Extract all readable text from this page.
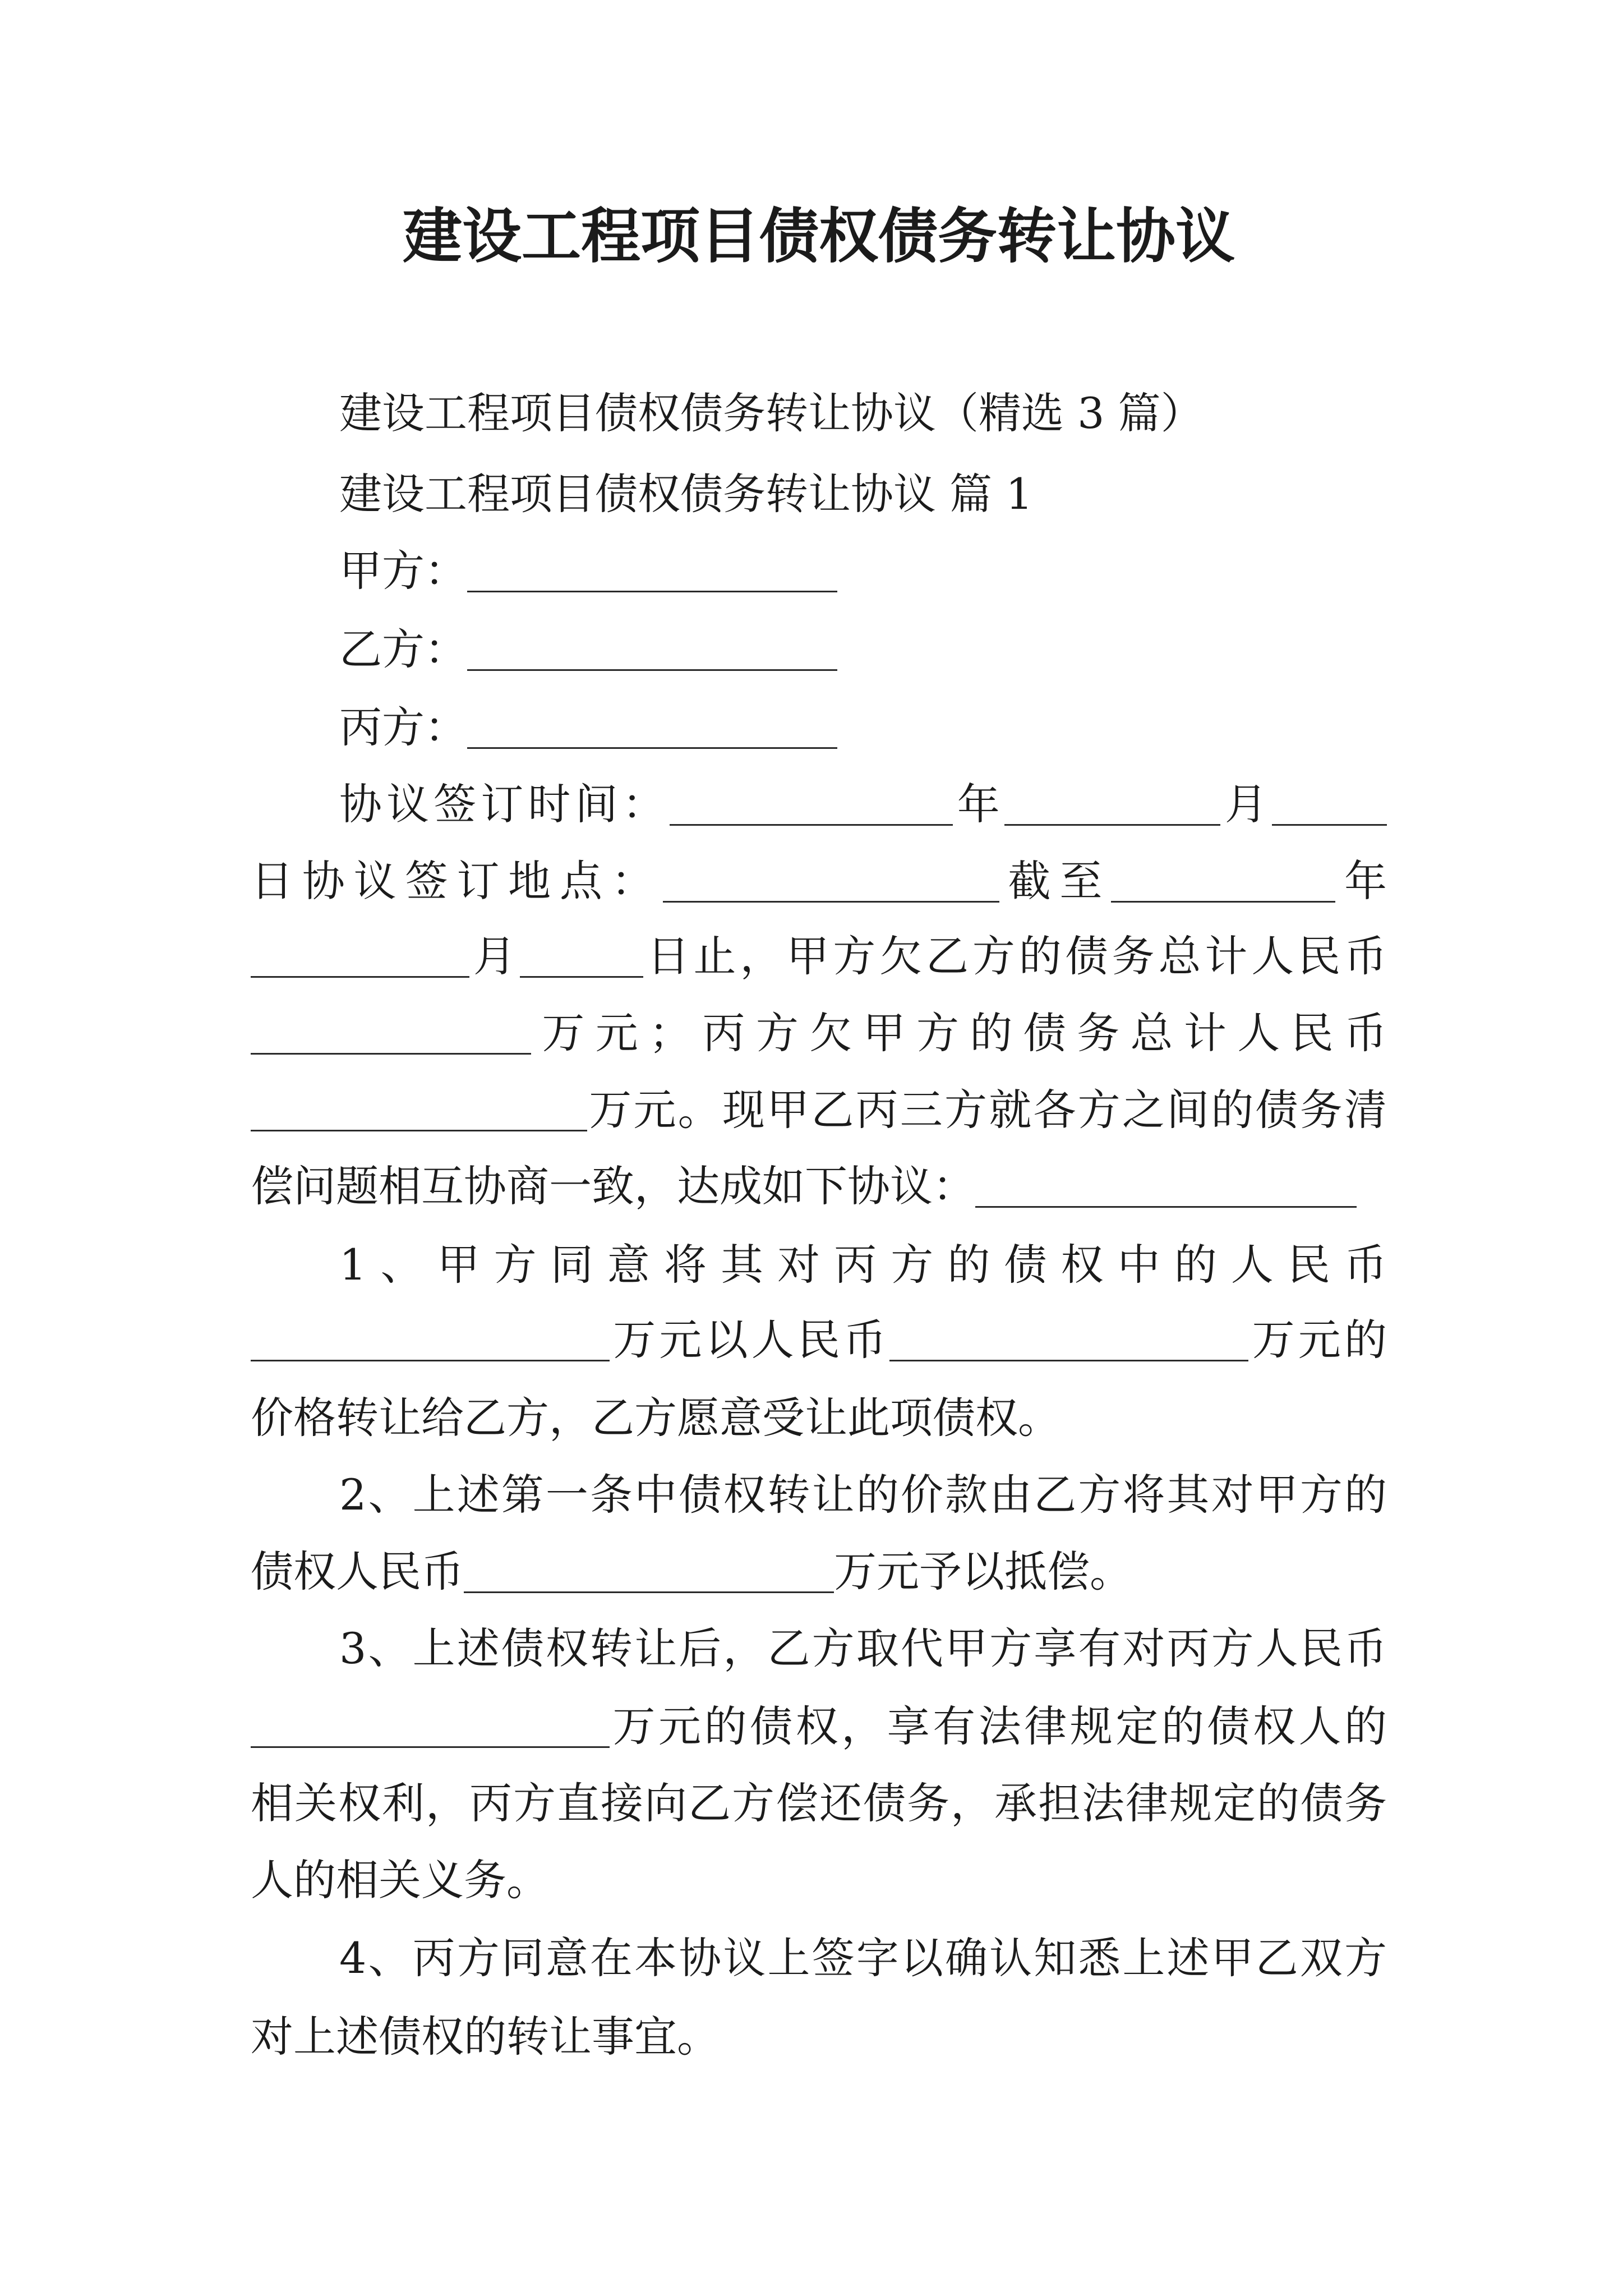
建设工程项目债权债务转让协议
建设工程项目债权债务转让协议（精选 3 篇）
建设工程项目债权债务转让协议 篇 1
甲方：
乙方：
丙方：
协议签订时间：	年	月
日协议签订地点：	截至	年
月	日止，甲方欠乙方的债务总计人民币
万元；丙方欠甲方的债务总计人民币
万元。现甲乙丙三方就各方之间的债务清
偿问题相互协商一致，达成如下协议：
1、甲方同意将其对丙方的债权中的人民币
万元以人民币	万元的
价格转让给乙方，乙方愿意受让此项债权。
2、上述第一条中债权转让的价款由乙方将其对甲方的
债权人民币	万元予以抵偿。
3、上述债权转让后，乙方取代甲方享有对丙方人民币
万元的债权，享有法律规定的债权人的
相关权利，丙方直接向乙方偿还债务，承担法律规定的债务
人的相关义务。
4、丙方同意在本协议上签字以确认知悉上述甲乙双方
对上述债权的转让事宜。
